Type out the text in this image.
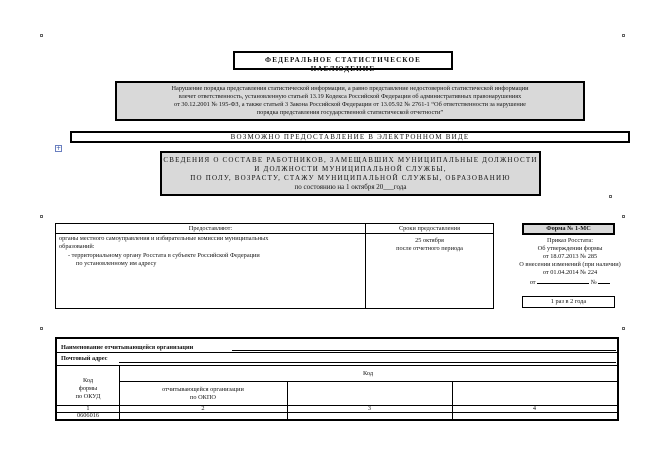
+
ФЕДЕРАЛЬНОЕ СТАТИСТИЧЕСКОЕ НАБЛЮДЕНИЕ
Нарушение порядка представления статистической информации, а равно представление недостоверной статистической информации
влечет ответственность, установленную статьей 13.19 Кодекса Российской Федерации об административных правонарушениях
от 30.12.2001 № 195-ФЗ, а также статьей 3 Закона Российской Федерации от 13.05.92 № 2761-1 “Об ответственности за нарушение
порядка представления государственной статистической отчетности”
ВОЗМОЖНО ПРЕДОСТАВЛЕНИЕ В ЭЛЕКТРОННОМ ВИДЕ
СВЕДЕНИЯ О СОСТАВЕ РАБОТНИКОВ, ЗАМЕЩАВШИХ МУНИЦИПАЛЬНЫЕ ДОЛЖНОСТИ
И ДОЛЖНОСТИ МУНИЦИПАЛЬНОЙ СЛУЖБЫ,
ПО ПОЛУ, ВОЗРАСТУ, СТАЖУ МУНИЦИПАЛЬНОЙ СЛУЖБЫ, ОБРАЗОВАНИЮ
по состоянию на 1 октября 20___года
Предоставляют:	Сроки предоставления
органы местного самоуправления и избирательные комиссии муниципальных
образований:
- территориальному органу Росстата в субъекте Российской Федерации
по установленному им адресу
25 октября
после отчетного периода
Форма № 1-МС
Приказ Росстата:
Об утверждении формы
от 18.07.2013 № 285
О внесении изменений (при наличии)
от 01.04.2014 № 224
от	№
1 раз в 2 года
Наименование отчитывающейся организации
Почтовый адрес
Код
формы
по ОКУД
Код
отчитывающейся организации
по ОКПО
1	2	3	4
0606016
